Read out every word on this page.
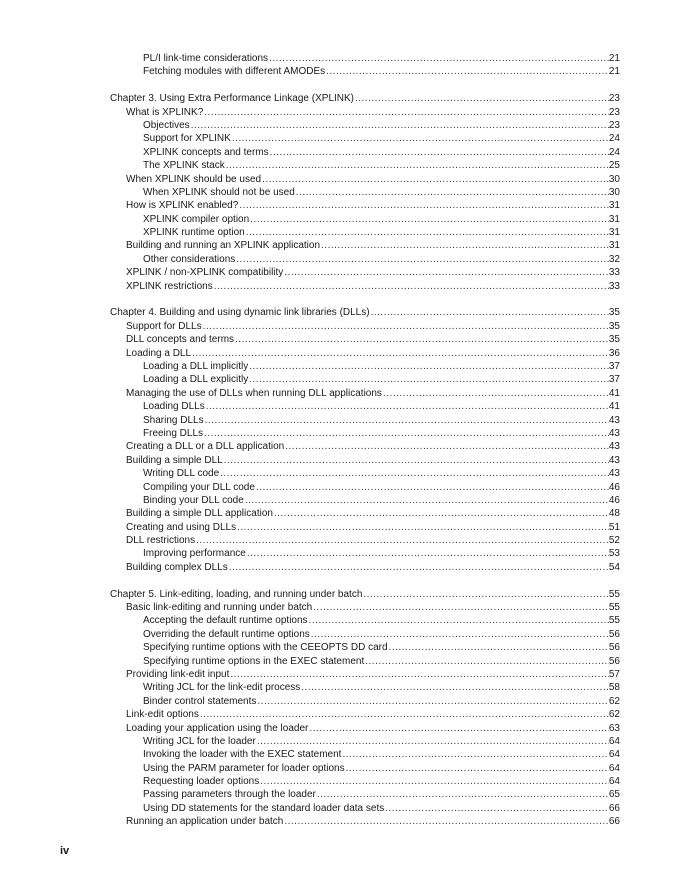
PL/I link-time considerations .....	21
Fetching modules with different AMODEs .....	21
Chapter 3. Using Extra Performance Linkage (XPLINK) .....	23
What is XPLINK? .....	23
Objectives .....	23
Support for XPLINK .....	24
XPLINK concepts and terms .....	24
The XPLINK stack .....	25
When XPLINK should be used .....	30
When XPLINK should not be used .....	30
How is XPLINK enabled? .....	31
XPLINK compiler option .....	31
XPLINK runtime option .....	31
Building and running an XPLINK application .....	31
Other considerations .....	32
XPLINK / non-XPLINK compatibility .....	33
XPLINK restrictions .....	33
Chapter 4. Building and using dynamic link libraries (DLLs) .....	35
Support for DLLs .....	35
DLL concepts and terms .....	35
Loading a DLL .....	36
Loading a DLL implicitly .....	37
Loading a DLL explicitly .....	37
Managing the use of DLLs when running DLL applications .....	41
Loading DLLs .....	41
Sharing DLLs .....	43
Freeing DLLs .....	43
Creating a DLL or a DLL application .....	43
Building a simple DLL .....	43
Writing DLL code .....	43
Compiling your DLL code .....	46
Binding your DLL code .....	46
Building a simple DLL application .....	48
Creating and using DLLs .....	51
DLL restrictions .....	52
Improving performance .....	53
Building complex DLLs .....	54
Chapter 5. Link-editing, loading, and running under batch .....	55
Basic link-editing and running under batch .....	55
Accepting the default runtime options .....	55
Overriding the default runtime options .....	56
Specifying runtime options with the CEEOPTS DD card .....	56
Specifying runtime options in the EXEC statement .....	56
Providing link-edit input .....	57
Writing JCL for the link-edit process .....	58
Binder control statements .....	62
Link-edit options .....	62
Loading your application using the loader .....	63
Writing JCL for the loader .....	64
Invoking the loader with the EXEC statement .....	64
Using the PARM parameter for loader options .....	64
Requesting loader options .....	64
Passing parameters through the loader .....	65
Using DD statements for the standard loader data sets .....	66
Running an application under batch .....	66
iv
